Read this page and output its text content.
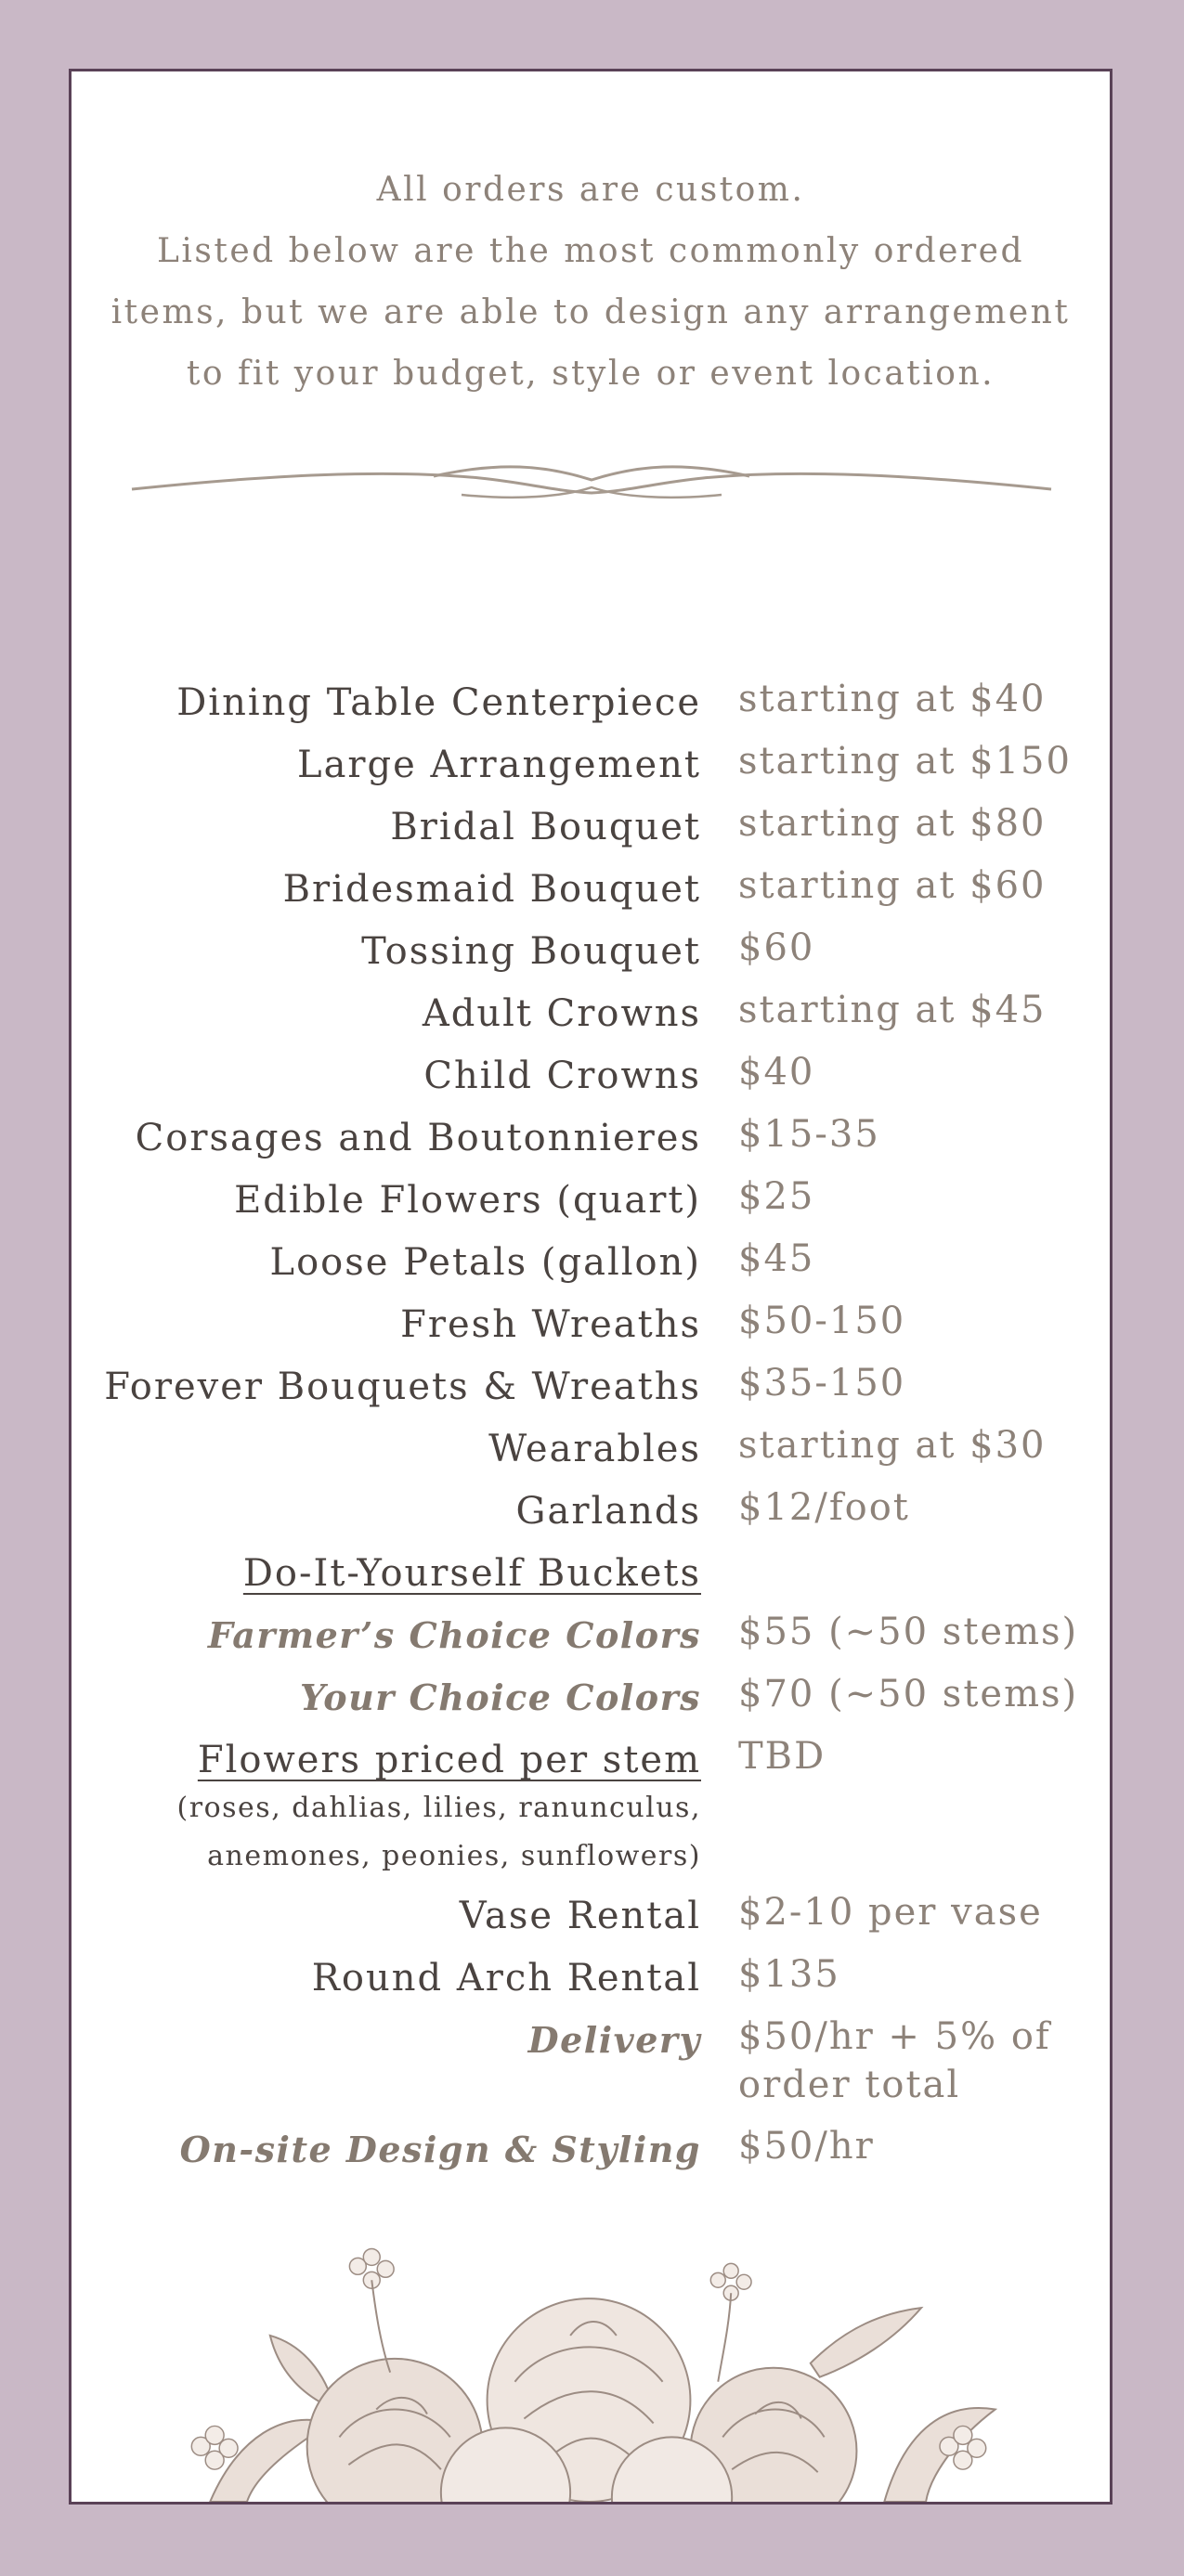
All orders are custom.
Listed below are the most commonly ordered
items, but we are able to design any arrangement
to fit your budget, style or event location.
Dining Table Centerpiece starting at $40
Large Arrangement starting at $150
Bridal Bouquet starting at $80
Bridesmaid Bouquet starting at $60
Tossing Bouquet $60
Adult Crowns starting at $45
Child Crowns $40
Corsages and Boutonnieres $15-35
Edible Flowers (quart) $25
Loose Petals (gallon) $45
Fresh Wreaths $50-150
Forever Bouquets & Wreaths $35-150
Wearables starting at $30
Garlands $12/foot
Do-It-Yourself Buckets
Farmer’s Choice Colors $55 (~50 stems)
Your Choice Colors $70 (~50 stems)
Flowers priced per stem TBD
(roses, dahlias, lilies, ranunculus,
anemones, peonies, sunflowers)
Vase Rental $2-10 per vase
Round Arch Rental $135
Delivery $50/hr + 5% of
order total
On-site Design & Styling $50/hr
